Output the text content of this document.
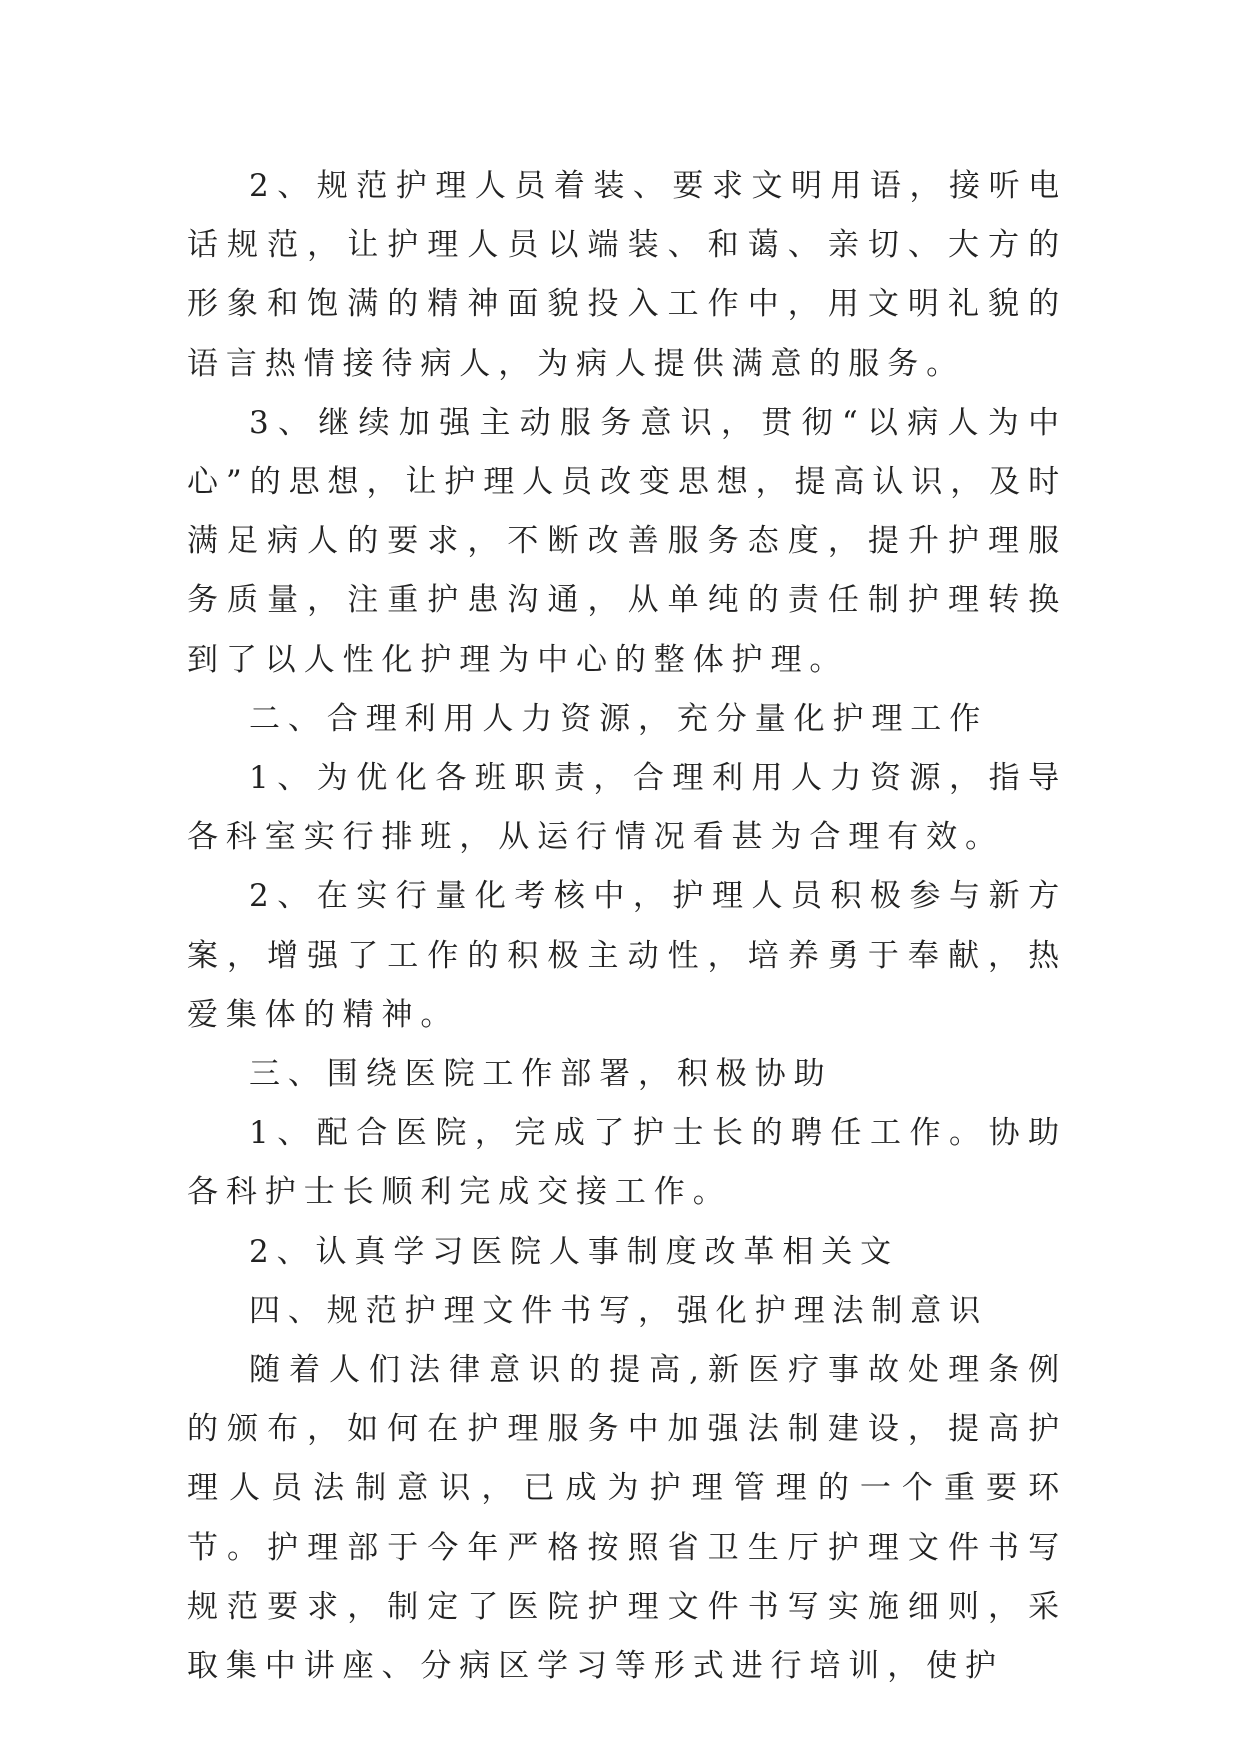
2、规范护理人员着装、要求文明用语，接听电话规范，让护理人员以端装、和蔼、亲切、大方的形象和饱满的精神面貌投入工作中，用文明礼貌的语言热情接待病人，为病人提供满意的服务。

3、继续加强主动服务意识，贯彻“以病人为中心”的思想，让护理人员改变思想，提高认识，及时满足病人的要求，不断改善服务态度，提升护理服务质量，注重护患沟通，从单纯的责任制护理转换到了以人性化护理为中心的整体护理。

二、合理利用人力资源，充分量化护理工作

1、为优化各班职责，合理利用人力资源，指导各科室实行排班，从运行情况看甚为合理有效。

2、在实行量化考核中，护理人员积极参与新方案，增强了工作的积极主动性，培养勇于奉献，热爱集体的精神。

三、围绕医院工作部署，积极协助

1、配合医院，完成了护士长的聘任工作。协助各科护士长顺利完成交接工作。

2、认真学习医院人事制度改革相关文

四、规范护理文件书写，强化护理法制意识

随着人们法律意识的提高,新医疗事故处理条例的颁布，如何在护理服务中加强法制建设，提高护理人员法制意识，已成为护理管理的一个重要环节。护理部于今年严格按照省卫生厅护理文件书写规范要求，制定了医院护理文件书写实施细则，采取集中讲座、分病区学习等形式进行培训，使护
